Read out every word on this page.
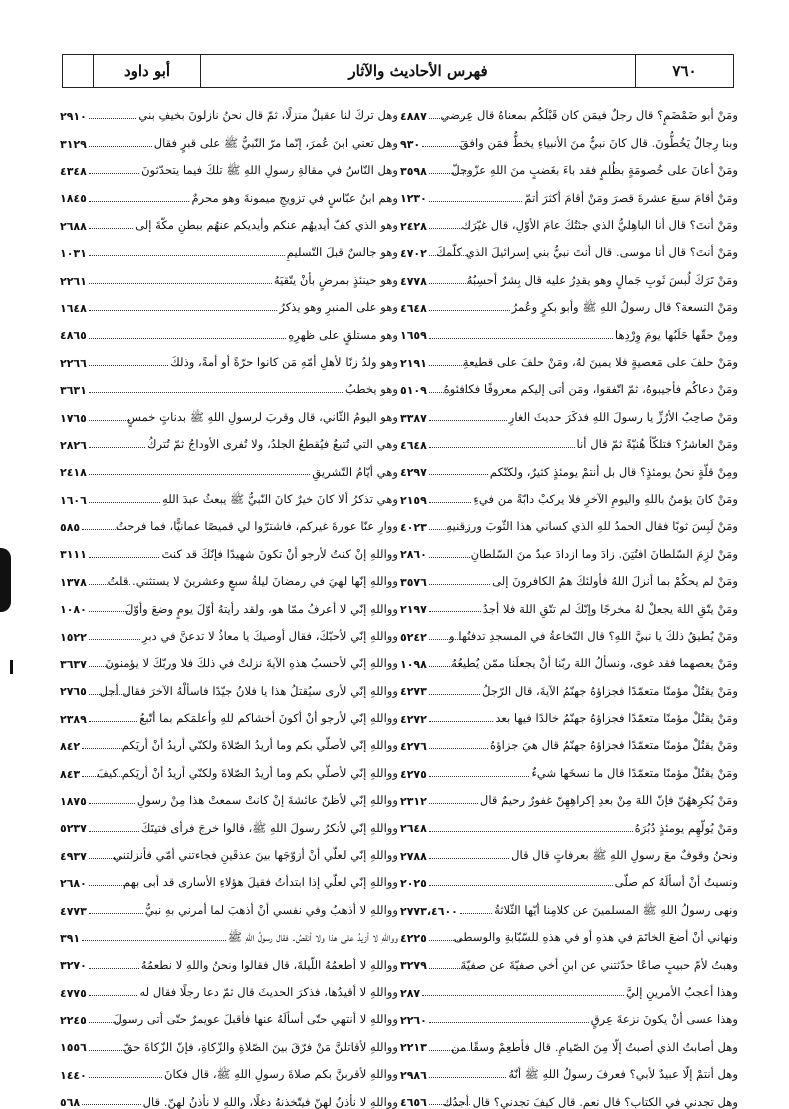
٧٦٠
فهرس الأحاديث والآثار
أبو داود
ومَنْ أبو ضَمْضَمٍ؟ قال رجلٌ فيمَن كان قَبْلَكُم بمعناهُ قال عِرضي
٤٨٨٧
وبنا رِجالٌ يَخُطُّونَ. قال كانَ نبيٌّ منَ الأنبياءِ يخطُّ فمَن وافقَ
٩٣٠
ومَنْ أعانَ على خُصومَةٍ بظُلمٍ فقد باءَ بغَضبٍ منَ اللهِ عزّوجلّ
٣٥٩٨
ومَنْ أقامَ سبعَ عشرةَ قصرَ ومَنْ أقامَ أكثرَ أتمّ
١٢٣٠
ومَنْ أنتَ؟ قال أنا الباهِليُّ الذي جئتُكَ عامَ الأوّلِ، قال غيّرَك
٢٤٢٨
ومَنْ أنتَ؟ قال أنا موسى. قال أنتَ نبيُّ بني إسرائيلَ الذي كلّمكَ
٤٧٠٢
ومَنْ تَرَكَ لُبسَ ثَوبِ جَمالٍ وهو يقدِرُ عليه قال بِشرٌ أحسِبُهُ
٤٧٧٨
ومَنْ التسعة؟ قال رسولُ اللهِ ﷺ وأبو بكرٍ وعُمرُ
٤٦٤٨
ومِنْ حقّها حَلَبُها يومَ وِرْدِها
١٦٥٩
ومَنْ حلفَ على مَعصيةٍ فلا يمينَ لهُ، ومَنْ حلفَ على قطيعةِ
٢١٩١
ومَنْ دعاكُم فأجيبوهُ، ثمّ اتّفقوا، ومَن أتى إليكم معروفًا فكافئوهُ
٥١٠٩
ومَنْ صاحِبُ الأرُزِّ يا رسولَ اللهِ فذكَرَ حديثَ الغارِ
٣٣٨٧
ومَنْ العاشرُ؟ فتلكّأ هُنيّةً ثمّ قال أنا
٤٦٤٨
ومِنْ قلّةٍ نحنُ يومئذٍ؟ قال بل أنتمْ يومئذٍ كثيرٌ، ولكنّكم
٤٢٩٧
ومَنْ كانَ يؤمنُ باللهِ واليومِ الآخرِ فلا يركبْ دابّةً من فيءِ
٢١٥٩
ومَنْ لَبِسَ ثوبًا فقال الحمدُ للهِ الذي كساني هذا الثّوبَ ورزقنيهِ
٤٠٢٣
ومَنْ لزِمَ السّلطانَ افتُتِنَ. زادَ وما ازدادَ عبدٌ منَ السّلطانِ
٢٨٦٠
ومَنْ لم يحكُمْ بما أنزلَ اللهُ فأولئكَ همُ الكافرونَ إلى
٣٥٧٦
ومَنْ يتّقِ اللهَ يجعلْ لهُ مخرجًا وإنّكَ لم تتّقِ اللهَ فلا أجدُ
٢١٩٧
ومَنْ يُطيقُ ذلكَ يا نبيَّ اللهِ؟ قال النّخاعةُ في المسجدِ تدفنُها و
٥٢٤٢
ومَنْ يعصهما فقد غوى، ونسألُ اللهَ ربّنا أنْ يجعلَنا ممّن يُطيعُهُ
١٠٩٨
ومَنْ يقتُلْ مؤمنًا متعمّدًا فجزاؤهُ جهنّمُ الآيةَ، قال الرّجلُ
٤٢٧٣
ومَنْ يقتُلْ مؤمنًا متعمّدًا فجزاؤهُ جهنّمُ خالدًا فيها بعد
٤٢٧٢
ومَنْ يقتُلْ مؤمنًا متعمّدًا فجزاؤهُ جهنّمُ قال هيَ جزاؤهُ
٤٢٧٦
ومَنْ يقتُلْ مؤمنًا متعمّدًا قال ما نسخَها شيءٌ
٤٢٧٥
ومَنْ يُكرِههُنّ فإنّ اللهَ مِنْ بعدِ إكراهِهِنّ غفورٌ رحيمٌ قال
٢٣١٢
ومَنْ يُولّهِم يومئذٍ دُبُرَهُ
٢٦٤٨
ونحنُ وقوفٌ معَ رسولِ اللهِ ﷺ بعرفاتٍ قال قال
٢٧٨٨
ونسيتُ أنْ أسألَهُ كم صلّى
٢٠٢٥
ونهى رسولُ اللهِ ﷺ المسلمينَ عن كلامِنا أيّها الثّلاثةُ
٢٧٧٣،٤٦٠٠
ونهاني أنْ أضعَ الخاتَمَ في هذهِ أو في هذهِ للسّبّابةِ والوسطى
٤٢٢٥
وهبتُ لأمّ حبيبٍ صاعًا حدّثتني عن ابنِ أخي صفيّةَ عن صفيّةَ
٣٢٧٩
وهذا أعجبُ الأمرينِ إليَّ
٢٨٧
وهذا عسى أنْ يكونَ نزعةَ عِرقٍ
٢٢٦٠
وهل أصابتُ الذي أصبتُ إلّا مِنَ الصّيامِ. قال فأطعِمْ وسقًا من
٢٢١٣
وهل أنتمْ إلّا عبيدٌ لأبي؟ فعرفَ رسولُ اللهِ ﷺ أنّهُ
٢٩٨٦
وهل تجدني في الكتابِ؟ قال نعم. قال كيفَ تجدني؟ قال أجدُك
٤٦٥٦
وهل تركَ لنا عقيلٌ منزلًا، ثمّ قال نحنُ نازلونَ بخيفِ بني
٢٩١٠
وهل تعني ابنَ عُمرَ، إنّما مرّ النّبيُّ ﷺ على قبرٍ فقال
٣١٢٩
وهل النّاسُ في مقالةِ رسولِ اللهِ ﷺ تلكَ فيما يتحدّثونَ
٤٣٤٨
وهم ابنُ عبّاسٍ في تزويجِ ميمونةَ وهو محرمٌ
١٨٤٥
وهو الذي كفّ أيديهُم عنكم وأيديكم عنهُم ببطنِ مكّةَ إلى
٢٦٨٨
وهو جالسٌ قبلَ التّسليمِ
١٠٣١
وهو حينئذٍ بمرضٍ بأنْ يتّقيَهُ
٢٢٦١
وهو على المنبرِ وهو يذكرُ
١٦٤٨
وهو مستلقٍ على ظهرِهِ
٤٨٦٥
وهو ولدُ زنًا لأهلِ أمّهِ مَن كانوا حرّةً أو أمةً، وذلكَ
٢٢٦٦
وهو يخطبُ
٣٦٣١
وهو اليومُ الثّاني، قال وقربَ لرسولِ اللهِ ﷺ بدناتٍ خمسٍ
١٧٦٥
وهي التي تُتبعُ فيُقطعُ الجلدُ، ولا تُفرى الأوداجُ ثمّ تُتركُ
٢٨٢٦
وهي أيّامُ التّشريقِ
٢٤١٨
وهي تذكرُ ألا كانَ خيرٌ كانَ النّبيُّ ﷺ يبعثُ عبدَ اللهِ
١٦٠٦
ووارِ عنّا عورةَ غيركم، فاشترّوا لي قميصًا عمانيًّا، فما فرحتُ
٥٨٥
وواللهِ إنْ كنتُ لأرجو أنْ تكونَ شهيدًا فإنّكَ قد كنتَ
٣١١١
وواللهِ إنّها لهيَ في رمضانَ ليلةُ سبعٍ وعشرينَ لا يستثني. قلتُ
١٣٧٨
وواللهِ إنّي لا أعرفُ ممّا هو، ولقد رأيتهُ أوّلَ يومٍ وضعَ وأوّلَ
١٠٨٠
وواللهِ إنّي لأحبّكَ، فقال أوصيكَ يا معاذُ لا تدعنَّ في دبرِ
١٥٢٢
وواللهِ إنّي لأحسبُ هذهِ الآيةَ نزلتْ في ذلكَ فلا وربّكَ لا يؤمنونَ
٣٦٣٧
وواللهِ إنّي لأرى سيُقتلُ هذا يا فلانُ جيّدًا فاسألْهُ الآخرَ فقال أجل
٢٧٦٥
وواللهِ إنّي لأرجو أنْ أكونَ أخشاكم للهِ وأعلمَكم بما أتّبعُ
٢٣٨٩
وواللهِ إنّي لأصلّي بكم وما أريدُ الصّلاةَ ولكنّي أريدُ أنْ أريَكم
٨٤٢
وواللهِ إنّي لأصلّي بكم وما أريدُ الصّلاةَ ولكنّي أريدُ أنْ أريَكم كيفَ
٨٤٣
وواللهِ إنّي لأظنّ عائشةَ إنْ كانتْ سمعتْ هذا مِنْ رسولِ
١٨٧٥
وواللهِ إنّي لأنكرُ رسولَ اللهِ ﷺ، قالوا خرجَ فرأى فتيتَكَ
٥٢٣٧
وواللهِ إنّي لعلّي أنْ أزوّجَها بينَ عذقَينِ فجاءتني أمّي فأنزلتني
٤٩٣٧
وواللهِ إنّي لعلّي إذا ابتدأتُ فقيلَ هؤلاءِ الأسارى قد أبى بهم
٢٦٨٠
وواللهِ لا أذهبُ وفي نفسي أنْ أذهبَ لما أمرني بهِ نبيُّ
٤٧٧٣
وواللهِ لا أزيدُ على هذا ولا أنقصُ. فقال رسولُ اللهِ ﷺ
٣٩١
وواللهِ لا أطعمُهُ اللّيلةَ، قال فقالوا ونحنُ واللهِ لا نطعمُهُ
٣٢٧٠
وواللهِ لا أقيدُها، فذكرَ الحديثَ قال ثمّ دعا رجلًا فقال له
٤٧٧٥
وواللهِ لا أنتهي حتّى أسألَهُ عنها فأقبلَ عويمرٌ حتّى أتى رسولَ
٢٢٤٥
وواللهِ لأقاتلنَّ مَنْ فرّقَ بينَ الصّلاةِ والزّكاةِ، فإنّ الزّكاةَ حقّ
١٥٥٦
وواللهِ لأقربنَّ بكم صلاةَ رسولِ اللهِ ﷺ، قال فكانَ
١٤٤٠
وواللهِ لا نأذنُ لهنّ فيتّخذنهُ دغلًا، واللهِ لا نأذنُ لهنّ. قال
٥٦٨
